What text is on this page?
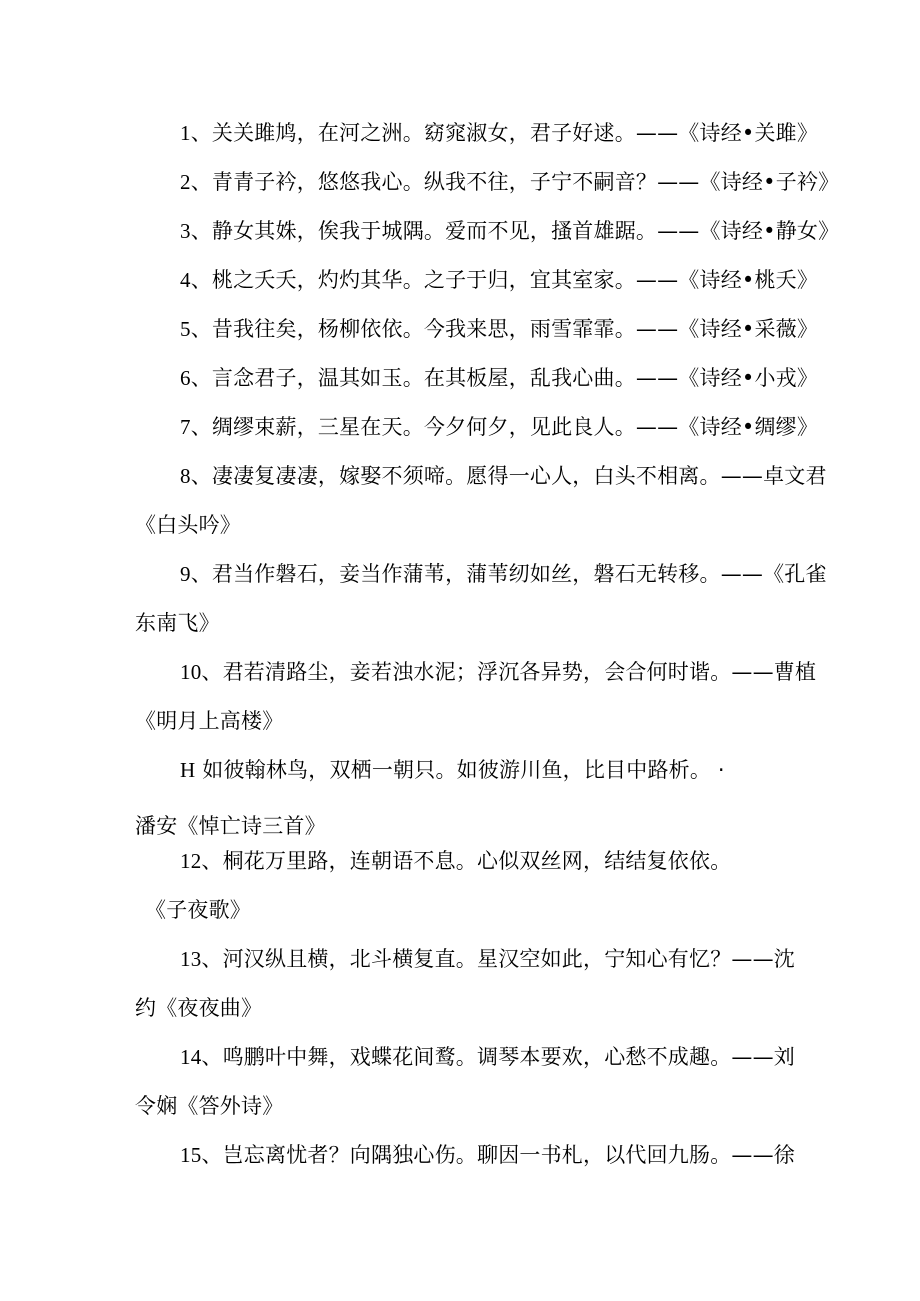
1、关关雎鸠，在河之洲。窈窕淑女，君子好逑。——《诗经•关雎》
2、青青子衿，悠悠我心。纵我不往，子宁不嗣音？——《诗经•子衿》
3、静女其姝，俟我于城隅。爱而不见，搔首雄踞。——《诗经•静女》
4、桃之夭夭，灼灼其华。之子于归，宜其室家。——《诗经•桃夭》
5、昔我往矣，杨柳依依。今我来思，雨雪霏霏。——《诗经•采薇》
6、言念君子，温其如玉。在其板屋，乱我心曲。——《诗经•小戎》
7、绸缪束薪，三星在天。今夕何夕，见此良人。——《诗经•绸缪》
8、凄凄复凄凄，嫁娶不须啼。愿得一心人，白头不相离。——卓文君
《白头吟》
9、君当作磐石，妾当作蒲苇，蒲苇纫如丝，磐石无转移。——《孔雀
东南飞》
10、君若清路尘，妾若浊水泥；浮沉各异势，会合何时谐。——曹植
《明月上高楼》
H 如彼翰林鸟，双栖一朝只。如彼游川鱼，比目中路析。 ·
潘安《悼亡诗三首》
12、桐花万里路，连朝语不息。心似双丝网，结结复依依。
《子夜歌》
13、河汉纵且横，北斗横复直。星汉空如此，宁知心有忆？——沈
约《夜夜曲》
14、鸣鹏叶中舞，戏蝶花间鹜。调琴本要欢，心愁不成趣。——刘
令娴《答外诗》
15、岂忘离忧者？向隅独心伤。聊因一书札，以代回九肠。——徐
